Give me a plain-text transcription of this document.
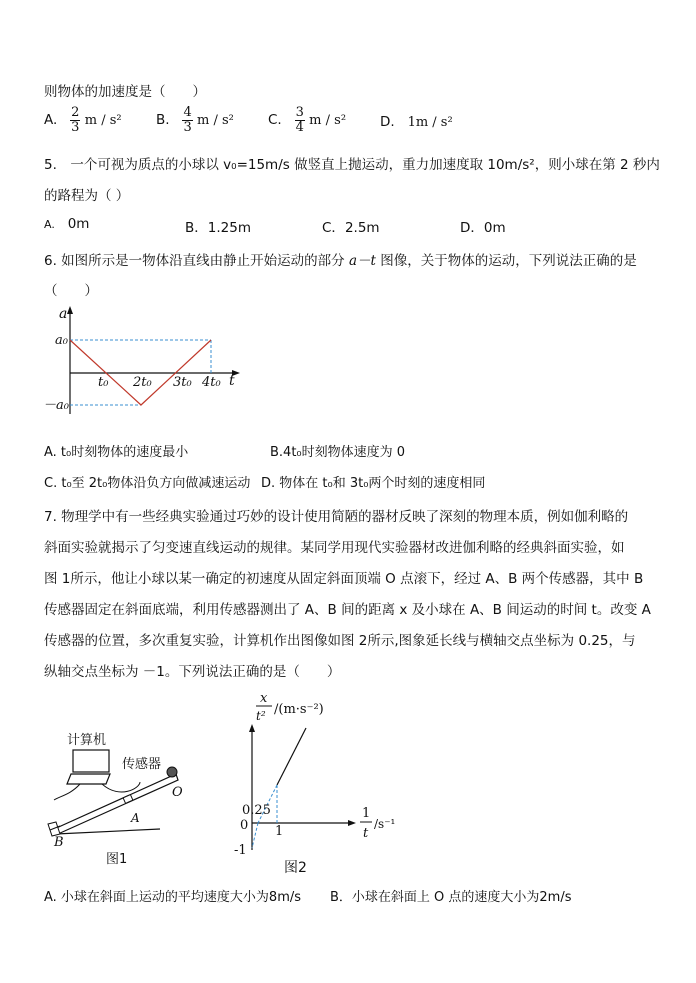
则物体的加速度是（　　）
A. $\frac{2}{3}$ m / s²	B. $\frac{4}{3}$ m / s²	C. $\frac{3}{4}$ m / s²	D. 1m / s²
5.　一个可视为质点的小球以 v₀=15m/s 做竖直上抛运动，重力加速度取 10m/s²，则小球在第 2 秒内
的路程为（ ）
A. 0m	B．1.25m	C．2.5m	D．0m
6. 如图所示是一物体沿直线由静止开始运动的部分 a－t 图像，关于物体的运动，下列说法正确的是
（　　）
a
t
a₀
－a₀
t₀ 2t₀ 3t₀ 4t₀
A. t₀时刻物体的速度最小	B.4t₀时刻物体速度为 0
C. t₀至 2t₀物体沿负方向做减速运动 D. 物体在 t₀和 3t₀两个时刻的速度相同
7. 物理学中有一些经典实验通过巧妙的设计使用简陋的器材反映了深刻的物理本质，例如伽利略的
斜面实验就揭示了匀变速直线运动的规律。某同学用现代实验器材改进伽利略的经典斜面实验，如
图 1所示，他让小球以某一确定的初速度从固定斜面顶端 O 点滚下，经过 A、B 两个传感器，其中 B
传感器固定在斜面底端，利用传感器测出了 A、B 间的距离 x 及小球在 A、B 间运动的时间 t。改变 A
传感器的位置，多次重复实验，计算机作出图像如图 2所示,图象延长线与横轴交点坐标为 0.25，与
纵轴交点坐标为 －1。下列说法正确的是（　　）
计算机
传感器
O
A
B
图1
x
t² /(m·s⁻²)
0.25
0 1
-1
1
t
/s⁻¹
图2
A. 小球在斜面上运动的平均速度大小为8m/s B．小球在斜面上 O 点的速度大小为2m/s
